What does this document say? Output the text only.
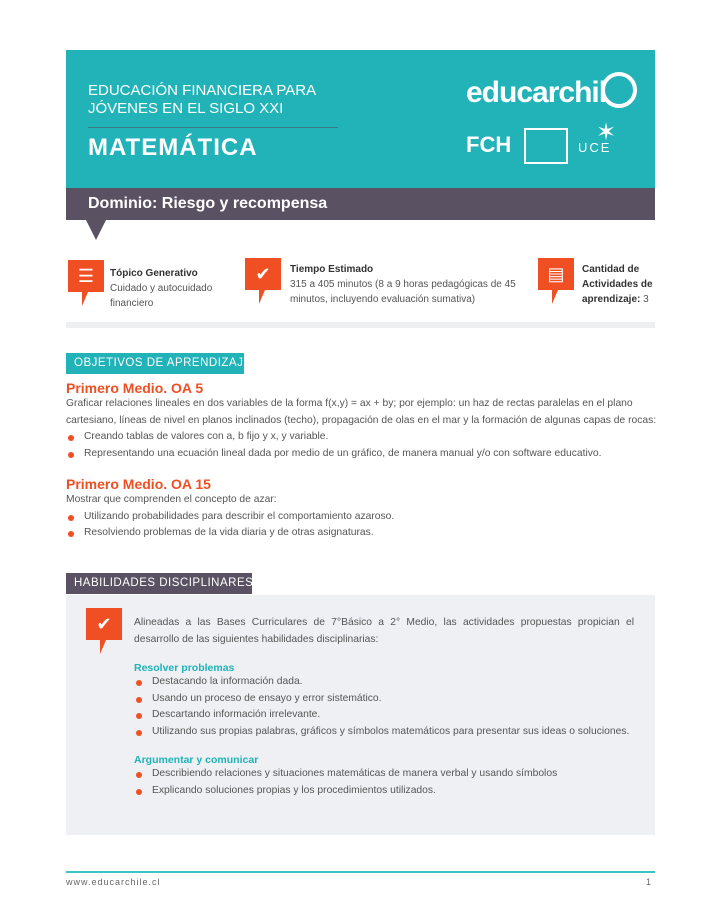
EDUCACIÓN FINANCIERA PARA JÓVENES EN EL SIGLO XXI
MATEMÁTICA
educarchil
FCH	UCE
✶
Dominio: Riesgo y recompensa
☰	Tópico Generativo
Cuidado y autocuidado financiero
✔	Tiempo Estimado
315 a 405 minutos (8 a 9 horas pedagógicas de 45 minutos, incluyendo evaluación sumativa)
▤	Cantidad de Actividades de aprendizaje: 3
OBJETIVOS DE APRENDIZAJE
Primero Medio. OA 5
Graficar relaciones lineales en dos variables de la forma f(x,y) = ax + by; por ejemplo: un haz de rectas paralelas en el plano cartesiano, líneas de nivel en planos inclinados (techo), propagación de olas en el mar y la formación de algunas capas de rocas:
Creando tablas de valores con a, b fijo y x, y variable.
Representando una ecuación lineal dada por medio de un gráfico, de manera manual y/o con software educativo.
Primero Medio. OA 15
Mostrar que comprenden el concepto de azar:
Utilizando probabilidades para describir el comportamiento azaroso.
Resolviendo problemas de la vida diaria y de otras asignaturas.
HABILIDADES DISCIPLINARES
✔	Alineadas a las Bases Curriculares de 7°Básico a 2° Medio, las actividades propuestas propician el desarrollo de las siguientes habilidades disciplinarias:
Resolver problemas
Destacando la información dada.
Usando un proceso de ensayo y error sistemático.
Descartando información irrelevante.
Utilizando sus propias palabras, gráficos y símbolos matemáticos para presentar sus ideas o soluciones.
Argumentar y comunicar
Describiendo relaciones y situaciones matemáticas de manera verbal y usando símbolos
Explicando soluciones propias y los procedimientos utilizados.
www.educarchile.cl	1
